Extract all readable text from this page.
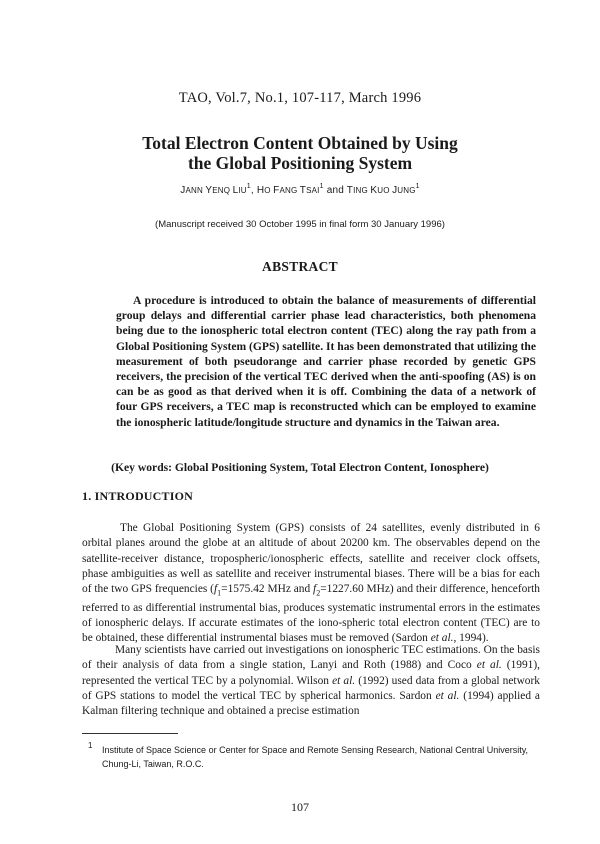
TAO, Vol.7, No.1, 107-117, March 1996
Total Electron Content Obtained by Using
the Global Positioning System
JANN YENQ LIU$^1$, HO FANG TSAI$^1$ and TING KUO JUNG$^1$
(Manuscript received 30 October 1995 in final form 30 January 1996)
ABSTRACT
A procedure is introduced to obtain the balance of measurements of differential group delays and differential carrier phase lead characteristics, both phenomena being due to the ionospheric total electron content (TEC) along the ray path from a Global Positioning System (GPS) satellite. It has been demonstrated that utilizing the measurement of both pseudorange and carrier phase recorded by genetic GPS receivers, the precision of the vertical TEC derived when the anti-spoofing (AS) is on can be as good as that derived when it is off. Combining the data of a network of four GPS receivers, a TEC map is reconstructed which can be employed to examine the ionospheric latitude/longitude structure and dynamics in the Taiwan area.
(Key words: Global Positioning System, Total Electron Content, Ionosphere)
1. INTRODUCTION
The Global Positioning System (GPS) consists of 24 satellites, evenly distributed in 6 orbital planes around the globe at an altitude of about 20200 km. The observables depend on the satellite-receiver distance, tropospheric/ionospheric effects, satellite and receiver clock offsets, phase ambiguities as well as satellite and receiver instrumental biases. There will be a bias for each of the two GPS frequencies ($f_1=1575.42$ MHz and $f_2=1227.60$ MHz) and their difference, henceforth referred to as differential instrumental bias, produces systematic instrumental errors in the estimates of ionospheric delays. If accurate estimates of the iono-spheric total electron content (TEC) are to be obtained, these differential instrumental biases must be removed (Sardon et al., 1994).
Many scientists have carried out investigations on ionospheric TEC estimations. On the basis of their analysis of data from a single station, Lanyi and Roth (1988) and Coco et al. (1991), represented the vertical TEC by a polynomial. Wilson et al. (1992) used data from a global network of GPS stations to model the vertical TEC by spherical harmonics. Sardon et al. (1994) applied a Kalman filtering technique and obtained a precise estimation
1	Institute of Space Science or Center for Space and Remote Sensing Research, National Central University, Chung-Li, Taiwan, R.O.C.
107
